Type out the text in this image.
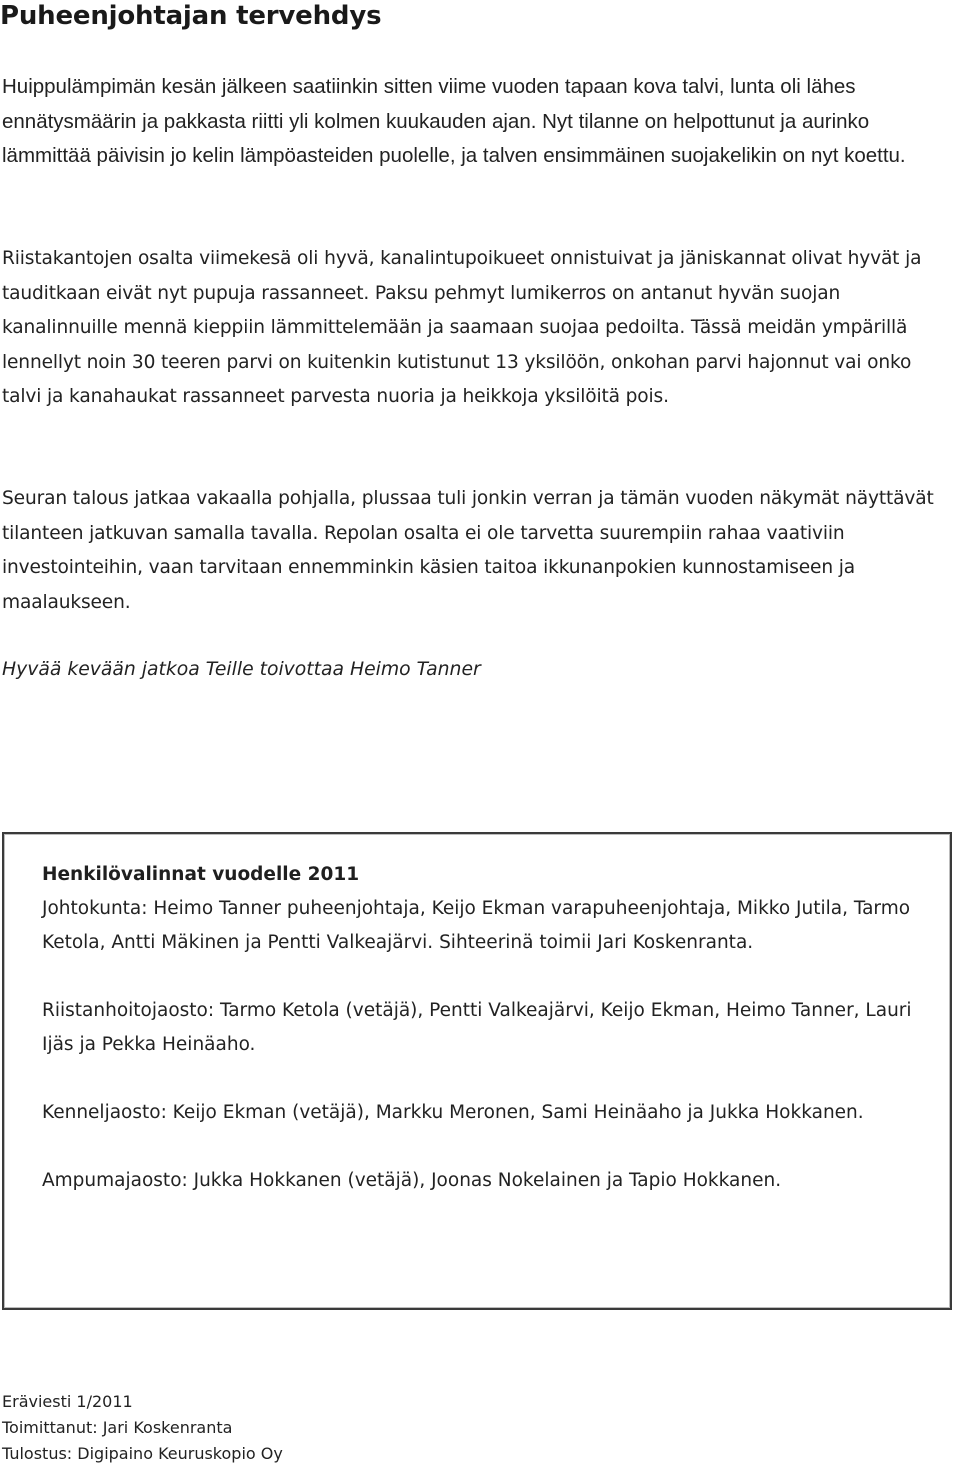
Puheenjohtajan tervehdys

Huippulämpimän kesän jälkeen saatiinkin sitten viime vuoden tapaan kova talvi, lunta oli lähes ennätysmäärin ja pakkasta riitti yli kolmen kuukauden ajan. Nyt tilanne on helpottunut ja aurinko lämmittää päivisin jo kelin lämpöasteiden puolelle, ja talven ensimmäinen suojakelikin on nyt koettu.

Riistakantojen osalta viimekesä oli hyvä, kanalintupoikueet onnistuivat ja jäniskannat olivat hyvät ja tauditkaan eivät nyt pupuja rassanneet. Paksu pehmyt lumikerros on antanut hyvän suojan kanalinnuille mennä kieppiin lämmittelemään ja saamaan suojaa pedoilta. Tässä meidän ympärillä lennellyt noin 30 teeren parvi on kuitenkin kutistunut 13 yksilöön, onkohan parvi hajonnut vai onko talvi ja kanahaukat rassanneet parvesta nuoria ja heikkoja yksilöitä pois.

Seuran talous jatkaa vakaalla pohjalla, plussaa tuli jonkin verran ja tämän vuoden näkymät näyttävät tilanteen jatkuvan samalla tavalla. Repolan osalta ei ole tarvetta suurempiin rahaa vaativiin investointeihin, vaan tarvitaan ennemminkin käsien taitoa ikkunanpokien kunnostamiseen ja maalaukseen.

Hyvää kevään jatkoa Teille toivottaa Heimo Tanner

Henkilövalinnat vuodelle 2011

Johtokunta: Heimo Tanner puheenjohtaja, Keijo Ekman varapuheenjohtaja, Mikko Jutila, Tarmo Ketola, Antti Mäkinen ja Pentti Valkeajärvi. Sihteerinä toimii Jari Koskenranta.

Riistanhoitojaosto: Tarmo Ketola (vetäjä), Pentti Valkeajärvi, Keijo Ekman, Heimo Tanner, Lauri Ijäs ja Pekka Heinäaho.

Kenneljaosto: Keijo Ekman (vetäjä), Markku Meronen, Sami Heinäaho ja Jukka Hokkanen.

Ampumajaosto: Jukka Hokkanen (vetäjä), Joonas Nokelainen ja Tapio Hokkanen.

Eräviesti 1/2011
Toimittanut: Jari Koskenranta
Tulostus: Digipaino Keuruskopio Oy
